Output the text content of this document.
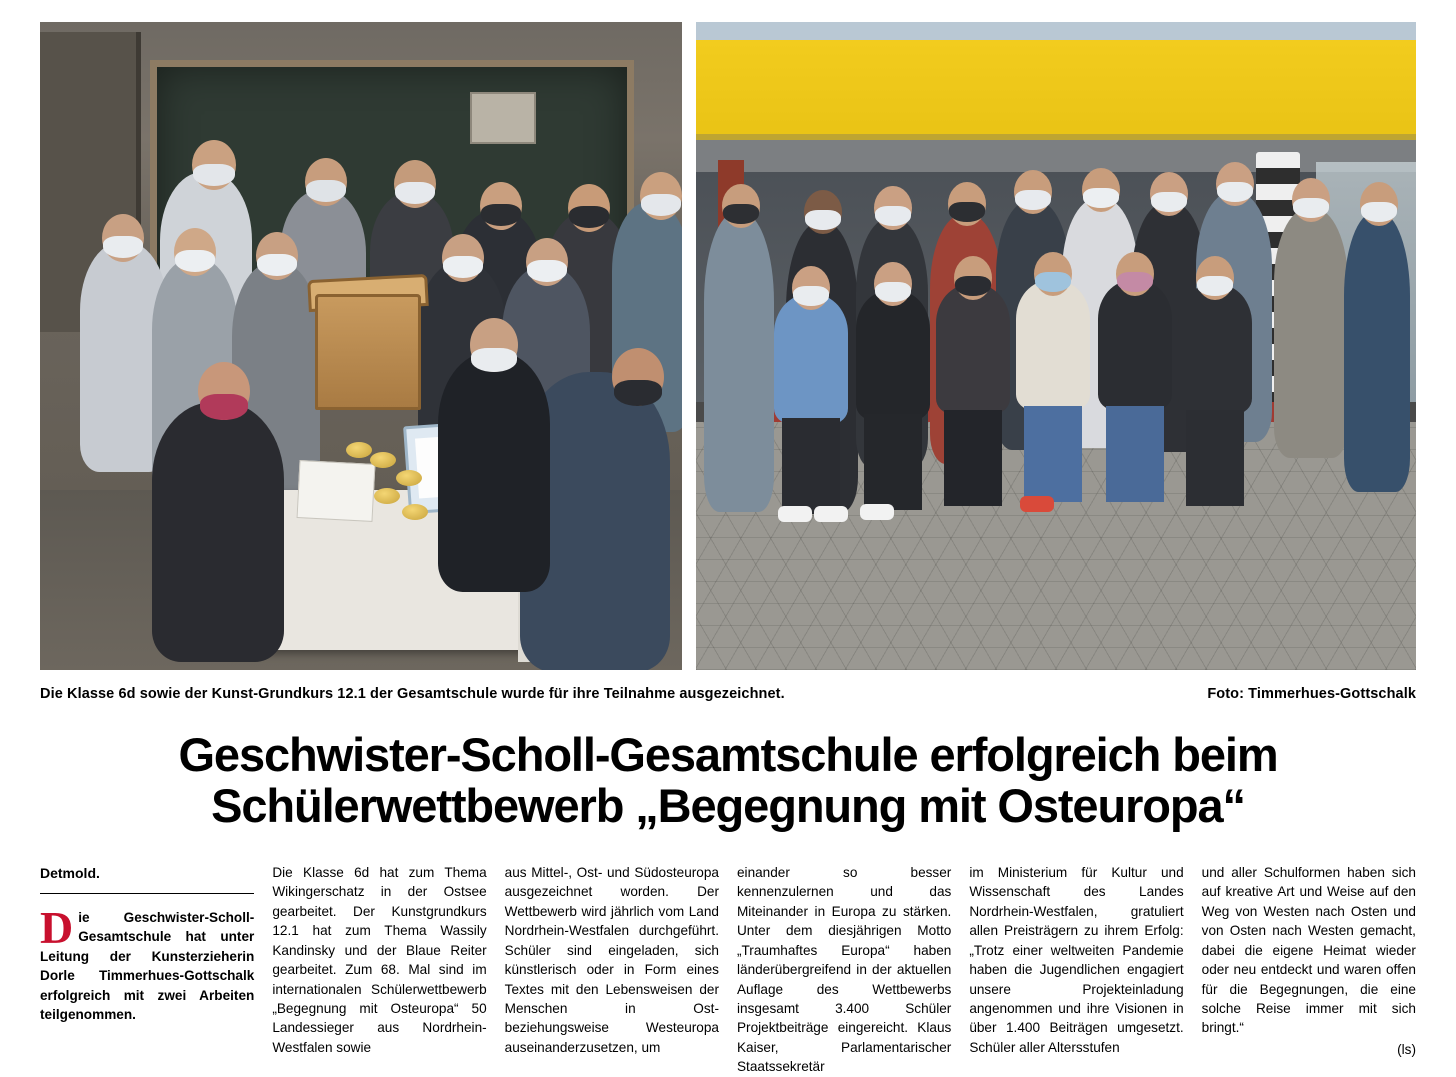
Die Klasse 6d sowie der Kunst-Grundkurs 12.1 der Gesamtschule wurde für ihre Teilnahme ausgezeichnet.	Foto: Timmerhues-Gottschalk
Geschwister-Scholl-Gesamtschule erfolgreich beim
Schülerwettbewerb „Begegnung mit Osteuropa“
Detmold.

Die Geschwister-Scholl-Gesamtschule hat unter Leitung der Kunsterzieherin Dorle Timmerhues-Gottschalk erfolgreich mit zwei Arbeiten teilgenommen.

Die Klasse 6d hat zum Thema Wikingerschatz in der Ostsee gearbeitet. Der Kunstgrundkurs 12.1 hat zum Thema Wassily Kandinsky und der Blaue Reiter gearbeitet. Zum 68. Mal sind im internationalen Schülerwettbewerb „Begegnung mit Osteuropa“ 50 Landessieger aus Nordrhein-Westfalen sowie

aus Mittel-, Ost- und Südosteuropa ausgezeichnet worden. Der Wettbewerb wird jährlich vom Land Nordrhein-Westfalen durchgeführt. Schüler sind eingeladen, sich künstlerisch oder in Form eines Textes mit den Lebensweisen der Menschen in Ost- beziehungsweise Westeuropa auseinanderzusetzen, um

einander so besser kennenzulernen und das Miteinander in Europa zu stärken. Unter dem diesjährigen Motto „Traumhaftes Europa“ haben länderübergreifend in der aktuellen Auflage des Wettbewerbs insgesamt 3.400 Schüler Projektbeiträge eingereicht. Klaus Kaiser, Parlamentarischer Staatssekretär

im Ministerium für Kultur und Wissenschaft des Landes Nordrhein-Westfalen, gratuliert allen Preisträgern zu ihrem Erfolg: „Trotz einer weltweiten Pandemie haben die Jugendlichen engagiert unsere Projekteinladung angenommen und ihre Visionen in über 1.400 Beiträgen umgesetzt. Schüler aller Altersstufen

und aller Schulformen haben sich auf kreative Art und Weise auf den Weg von Westen nach Osten und von Osten nach Westen gemacht, dabei die eigene Heimat wieder oder neu entdeckt und waren offen für die Begegnungen, die eine solche Reise immer mit sich bringt.“

(ls)
